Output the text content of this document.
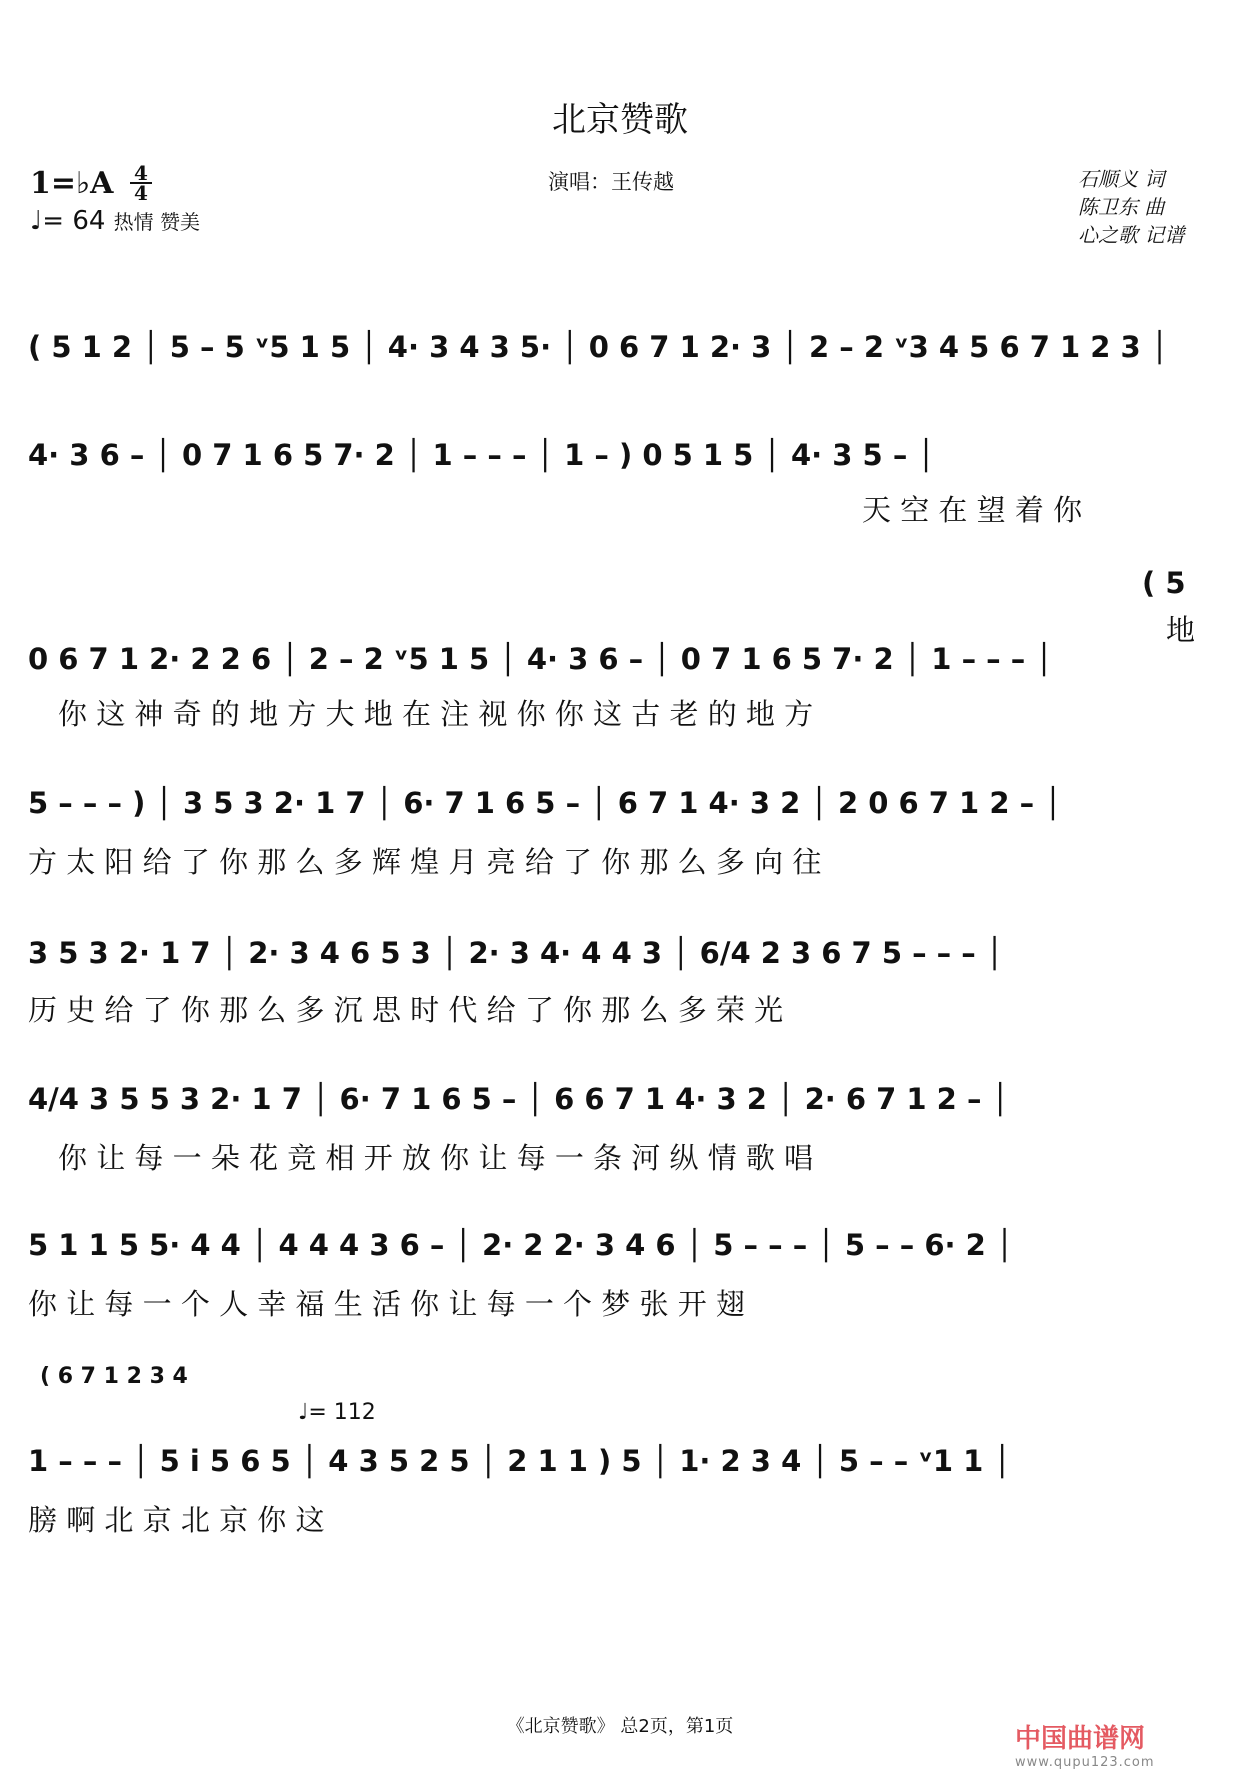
北京赞歌
演唱：王传越	石顺义 词
陈卫东 曲
心之歌 记谱
1=♭A 4
4
♩= 64 热情 赞美
( 5 1 2 │ 5 – 5 ᵛ5 1 5 │ 4· 3 4 3 5· │ 0 6 7 1 2· 3 │ 2 – 2 ᵛ3 4 5 6 7 1 2 3 │
4· 3 6 – │ 0 7 1 6 5 7· 2 │ 1 – – – │ 1 – ) 0 5 1 5 │ 4· 3 5 – │
天 空 在 望 着 你
( 5
地
0 6 7 1 2· 2 2 6 │ 2 – 2 ᵛ5 1 5 │ 4· 3 6 – │ 0 7 1 6 5 7· 2 │ 1 – – – │
你 这 神 奇 的 地 方 大 地 在 注 视 你 你 这 古 老 的 地 方
5 – – – ) │ 3 5 3 2· 1 7 │ 6· 7 1 6 5 – │ 6 7 1 4· 3 2 │ 2 0 6 7 1 2 – │
方 太 阳 给 了 你 那 么 多 辉 煌 月 亮 给 了 你 那 么 多 向 往
3 5 3 2· 1 7 │ 2· 3 4 6 5 3 │ 2· 3 4· 4 4 3 │ 6/4 2 3 6 7 5 – – – │
历 史 给 了 你 那 么 多 沉 思 时 代 给 了 你 那 么 多 荣 光
4/4 3 5 5 3 2· 1 7 │ 6· 7 1 6 5 – │ 6 6 7 1 4· 3 2 │ 2· 6 7 1 2 – │
你 让 每 一 朵 花 竞 相 开 放 你 让 每 一 条 河 纵 情 歌 唱
5 1 1 5 5· 4 4 │ 4 4 4 3 6 – │ 2· 2 2· 3 4 6 │ 5 – – – │ 5 – – 6· 2 │
你 让 每 一 个 人 幸 福 生 活 你 让 每 一 个 梦 张 开 翅
( 6 7 1 2 3 4
♩= 112
1 – – – │ 5 i 5 6 5 │ 4 3 5 2 5 │ 2 1 1 ) 5 │ 1· 2 3 4 │ 5 – – ᵛ1 1 │
膀 啊 北 京 北 京 你 这
《北京赞歌》 总2页，第1页	中国曲谱网
www.qupu123.com
